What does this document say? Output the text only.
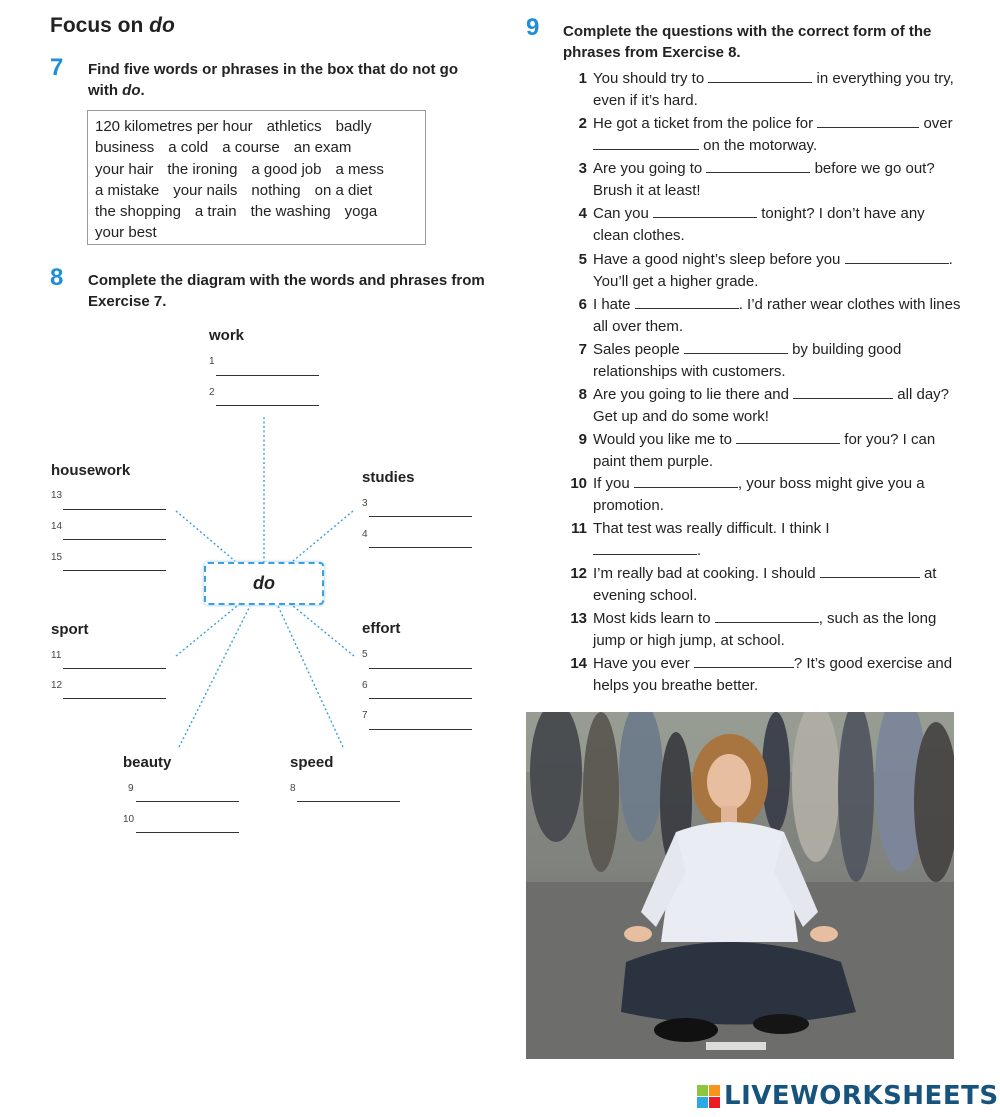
Focus on do
7 Find five words or phrases in the box that do not go with do.
120 kilometres per hour athletics badly
business a cold a course an exam
your hair the ironing a good job a mess
a mistake your nails nothing on a diet
the shopping a train the washing yoga
your best
8 Complete the diagram with the words and phrases from Exercise 7.
do
work
1
2
housework
13
14
15
studies
3
4
sport
11
12
effort
5
6
7
beauty
9
10
speed
8
9 Complete the questions with the correct form of the phrases from Exercise 8.
1 You should try to	in everything you try, even if it’s hard.
2 He got a ticket from the police for	over  on the motorway.
3 Are you going to	before we go out? Brush it at least!
4 Can you	tonight? I don’t have any clean clothes.
5 Have a good night’s sleep before you	. You’ll get a higher grade.
6 I hate	. I’d rather wear clothes with lines all over them.
7 Sales people	by building good relationships with customers.
8 Are you going to lie there and	all day? Get up and do some work!
9 Would you like me to	for you? I can paint them purple.
10 If you	, your boss might give you a promotion.
11 That test was really difficult. I think I .
12 I’m really bad at cooking. I should	at evening school.
13 Most kids learn to	, such as the long jump or high jump, at school.
14 Have you ever	? It’s good exercise and helps you breathe better.
LIVEWORKSHEETS
